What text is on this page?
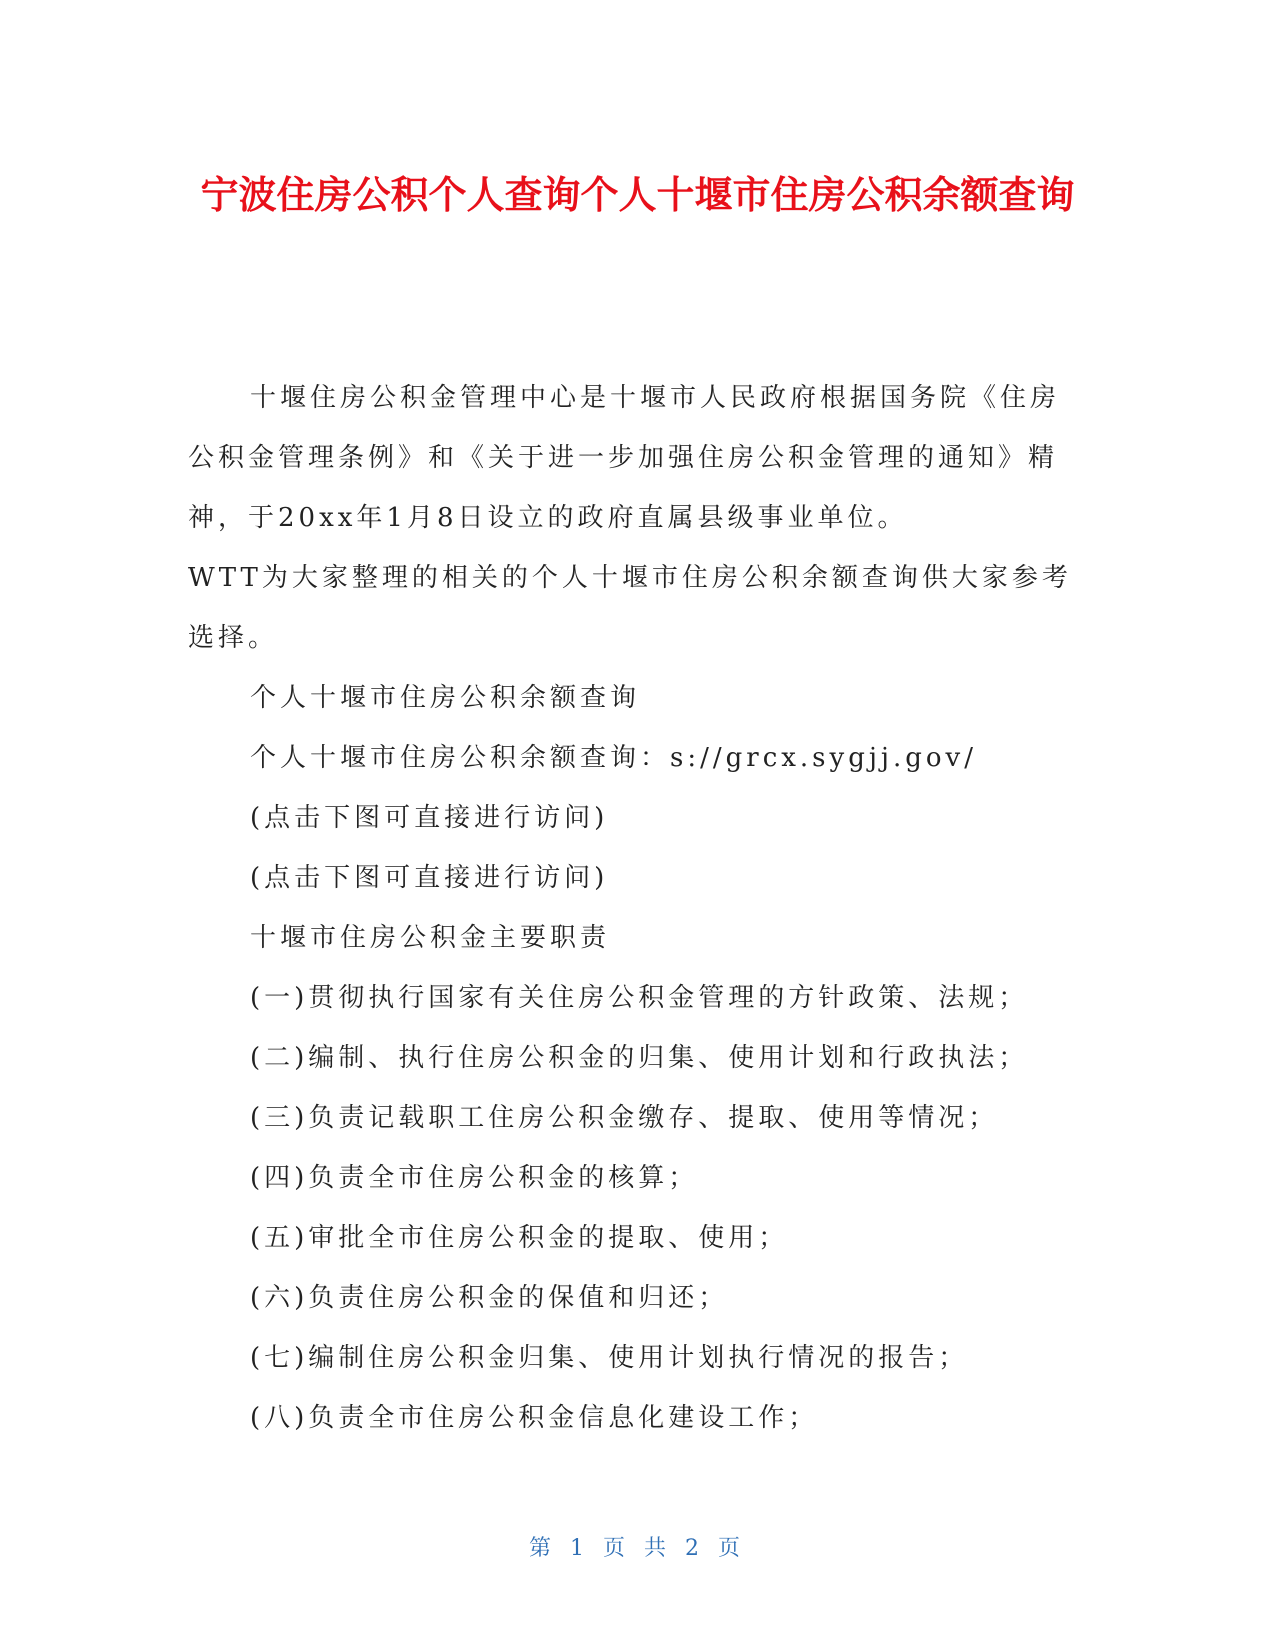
宁波住房公积个人查询个人十堰市住房公积余额查询

十堰住房公积金管理中心是十堰市人民政府根据国务院《住房公积金管理条例》和《关于进一步加强住房公积金管理的通知》精神，于20xx年1月8日设立的政府直属县级事业单位。

WTT为大家整理的相关的个人十堰市住房公积余额查询供大家参考选择。

个人十堰市住房公积余额查询

个人十堰市住房公积余额查询：s://grcx.sygjj.gov/

(点击下图可直接进行访问)

(点击下图可直接进行访问)

十堰市住房公积金主要职责

(一)贯彻执行国家有关住房公积金管理的方针政策、法规；

(二)编制、执行住房公积金的归集、使用计划和行政执法；

(三)负责记载职工住房公积金缴存、提取、使用等情况；

(四)负责全市住房公积金的核算；

(五)审批全市住房公积金的提取、使用；

(六)负责住房公积金的保值和归还；

(七)编制住房公积金归集、使用计划执行情况的报告；

(八)负责全市住房公积金信息化建设工作；

第 1 页 共 2 页
